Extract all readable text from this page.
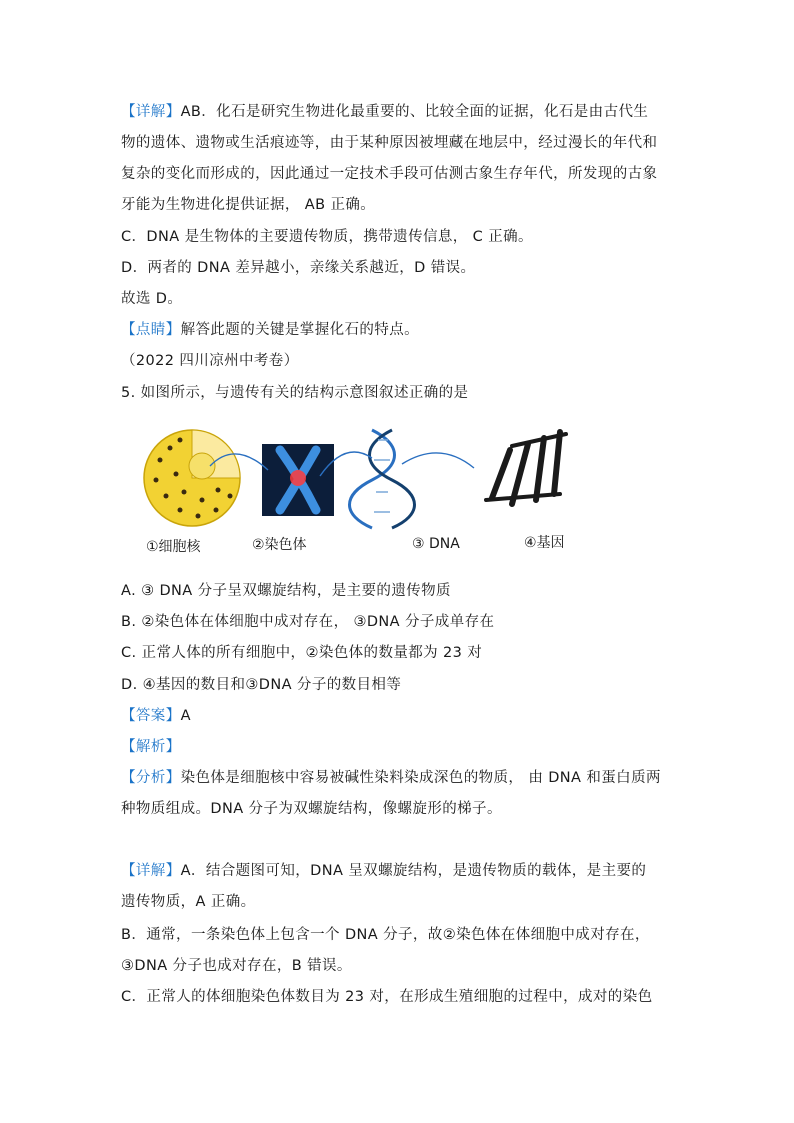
【详解】AB．化石是研究生物进化最重要的、比较全面的证据，化石是由古代生
物的遗体、遗物或生活痕迹等，由于某种原因被埋藏在地层中，经过漫长的年代和
复杂的变化而形成的，因此通过一定技术手段可估测古象生存年代，所发现的古象
牙能为生物进化提供证据， AB 正确。
C．DNA 是生物体的主要遗传物质，携带遗传信息， C 正确。
D．两者的 DNA 差异越小，亲缘关系越近，D 错误。
故选 D。
【点睛】解答此题的关键是掌握化石的特点。
（2022 四川凉州中考卷）
5. 如图所示，与遗传有关的结构示意图叙述正确的是
①细胞核	②染色体	③ DNA	④基因
A. ③ DNA 分子呈双螺旋结构，是主要的遗传物质
B. ②染色体在体细胞中成对存在， ③DNA 分子成单存在
C. 正常人体的所有细胞中，②染色体的数量都为 23 对
D. ④基因的数目和③DNA 分子的数目相等
【答案】A
【解析】
【分析】染色体是细胞核中容易被碱性染料染成深色的物质， 由 DNA 和蛋白质两
种物质组成。DNA 分子为双螺旋结构，像螺旋形的梯子。
【详解】A．结合题图可知，DNA 呈双螺旋结构，是遗传物质的载体，是主要的
遗传物质，A 正确。
B．通常，一条染色体上包含一个 DNA 分子，故②染色体在体细胞中成对存在，
③DNA 分子也成对存在，B 错误。
C．正常人的体细胞染色体数目为 23 对，在形成生殖细胞的过程中，成对的染色
